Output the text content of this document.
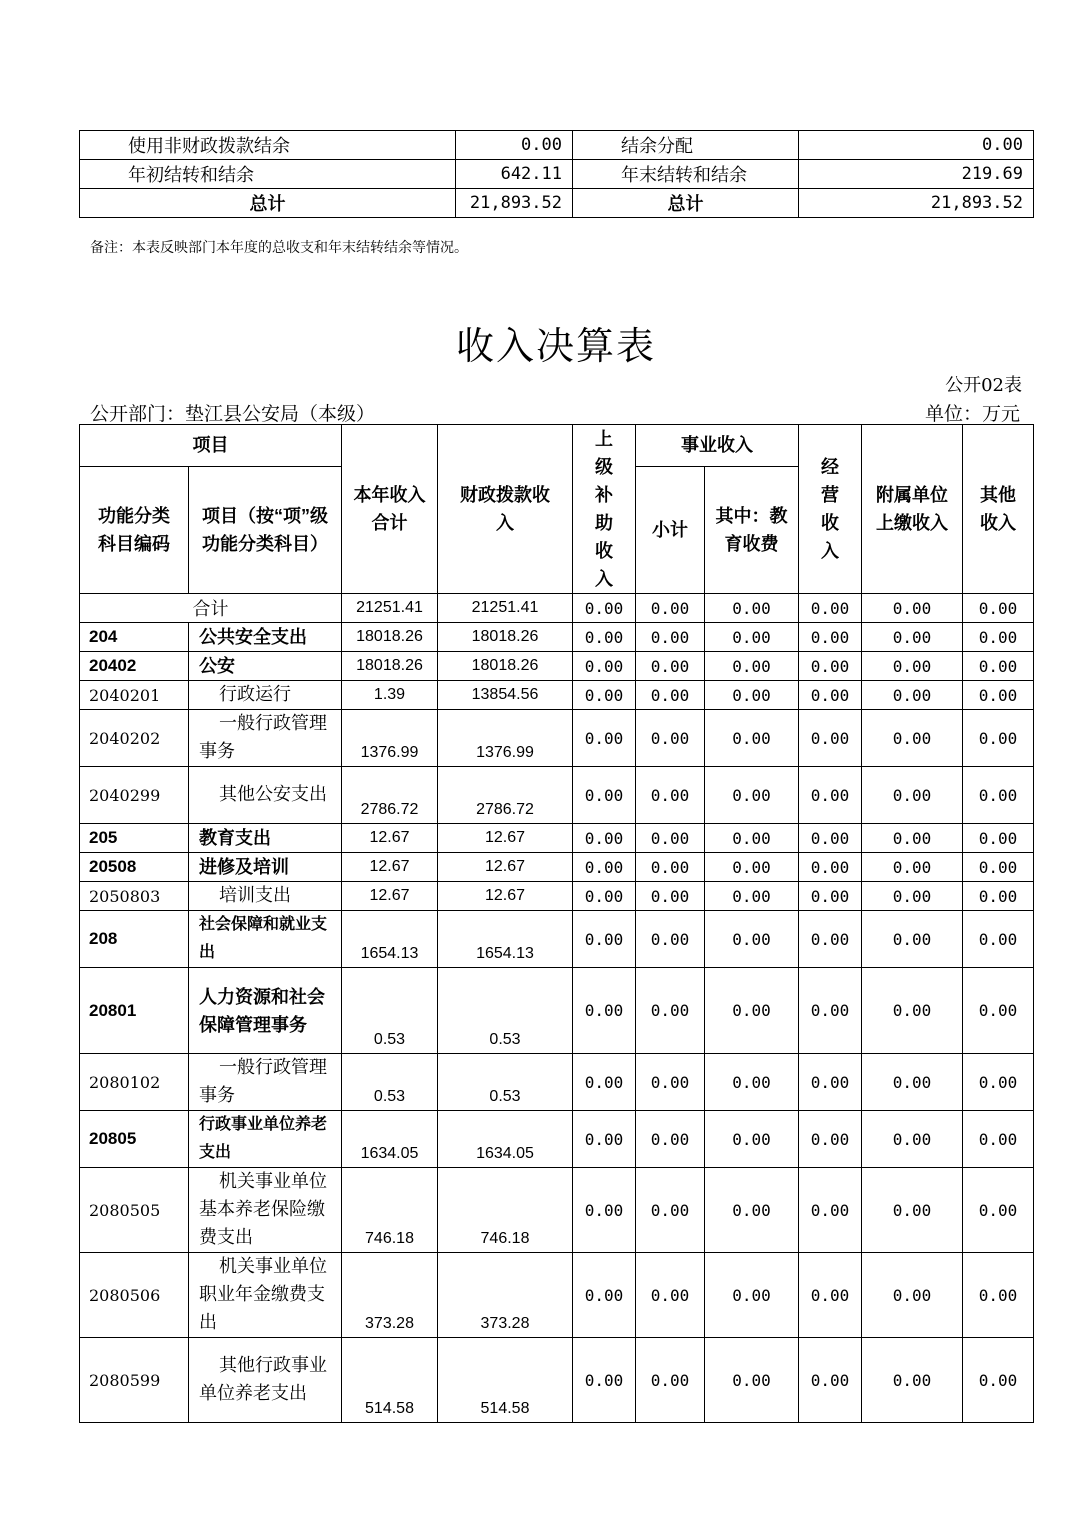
使用非财政拨款结余	0.00	结余分配	0.00
年初结转和结余	642.11	年末结转和结余	219.69
总计	21,893.52	总计	21,893.52
备注：本表反映部门本年度的总收支和年末结转结余等情况。
收入决算表
公开02表
公开部门：垫江县公安局（本级）	单位：万元
项目		本年收入合计	财政拨款收入	上级补助收入	事业收入		经营收入	附属单位上缴收入	其他收入
功能分类科目编码	项目（按“项”级功能分类科目）				小计	其中：教育收费			
合计		21251.41	21251.41	0.00	0.00	0.00	0.00	0.00	0.00
204	公共安全支出	18018.26	18018.26	0.00	0.00	0.00	0.00	0.00	0.00
20402	公安	18018.26	18018.26	0.00	0.00	0.00	0.00	0.00	0.00
2040201	行政运行	1.39	13854.56	0.00	0.00	0.00	0.00	0.00	0.00
2040202	一般行政管理事务	1376.99	1376.99	0.00	0.00	0.00	0.00	0.00	0.00
2040299	其他公安支出	2786.72	2786.72	0.00	0.00	0.00	0.00	0.00	0.00
205	教育支出	12.67	12.67	0.00	0.00	0.00	0.00	0.00	0.00
20508	进修及培训	12.67	12.67	0.00	0.00	0.00	0.00	0.00	0.00
2050803	培训支出	12.67	12.67	0.00	0.00	0.00	0.00	0.00	0.00
208	社会保障和就业支出	1654.13	1654.13	0.00	0.00	0.00	0.00	0.00	0.00
20801	人力资源和社会保障管理事务	0.53	0.53	0.00	0.00	0.00	0.00	0.00	0.00
2080102	一般行政管理事务	0.53	0.53	0.00	0.00	0.00	0.00	0.00	0.00
20805	行政事业单位养老支出	1634.05	1634.05	0.00	0.00	0.00	0.00	0.00	0.00
2080505	机关事业单位基本养老保险缴费支出	746.18	746.18	0.00	0.00	0.00	0.00	0.00	0.00
2080506	机关事业单位职业年金缴费支出	373.28	373.28	0.00	0.00	0.00	0.00	0.00	0.00
2080599	其他行政事业单位养老支出	514.58	514.58	0.00	0.00	0.00	0.00	0.00	0.00
